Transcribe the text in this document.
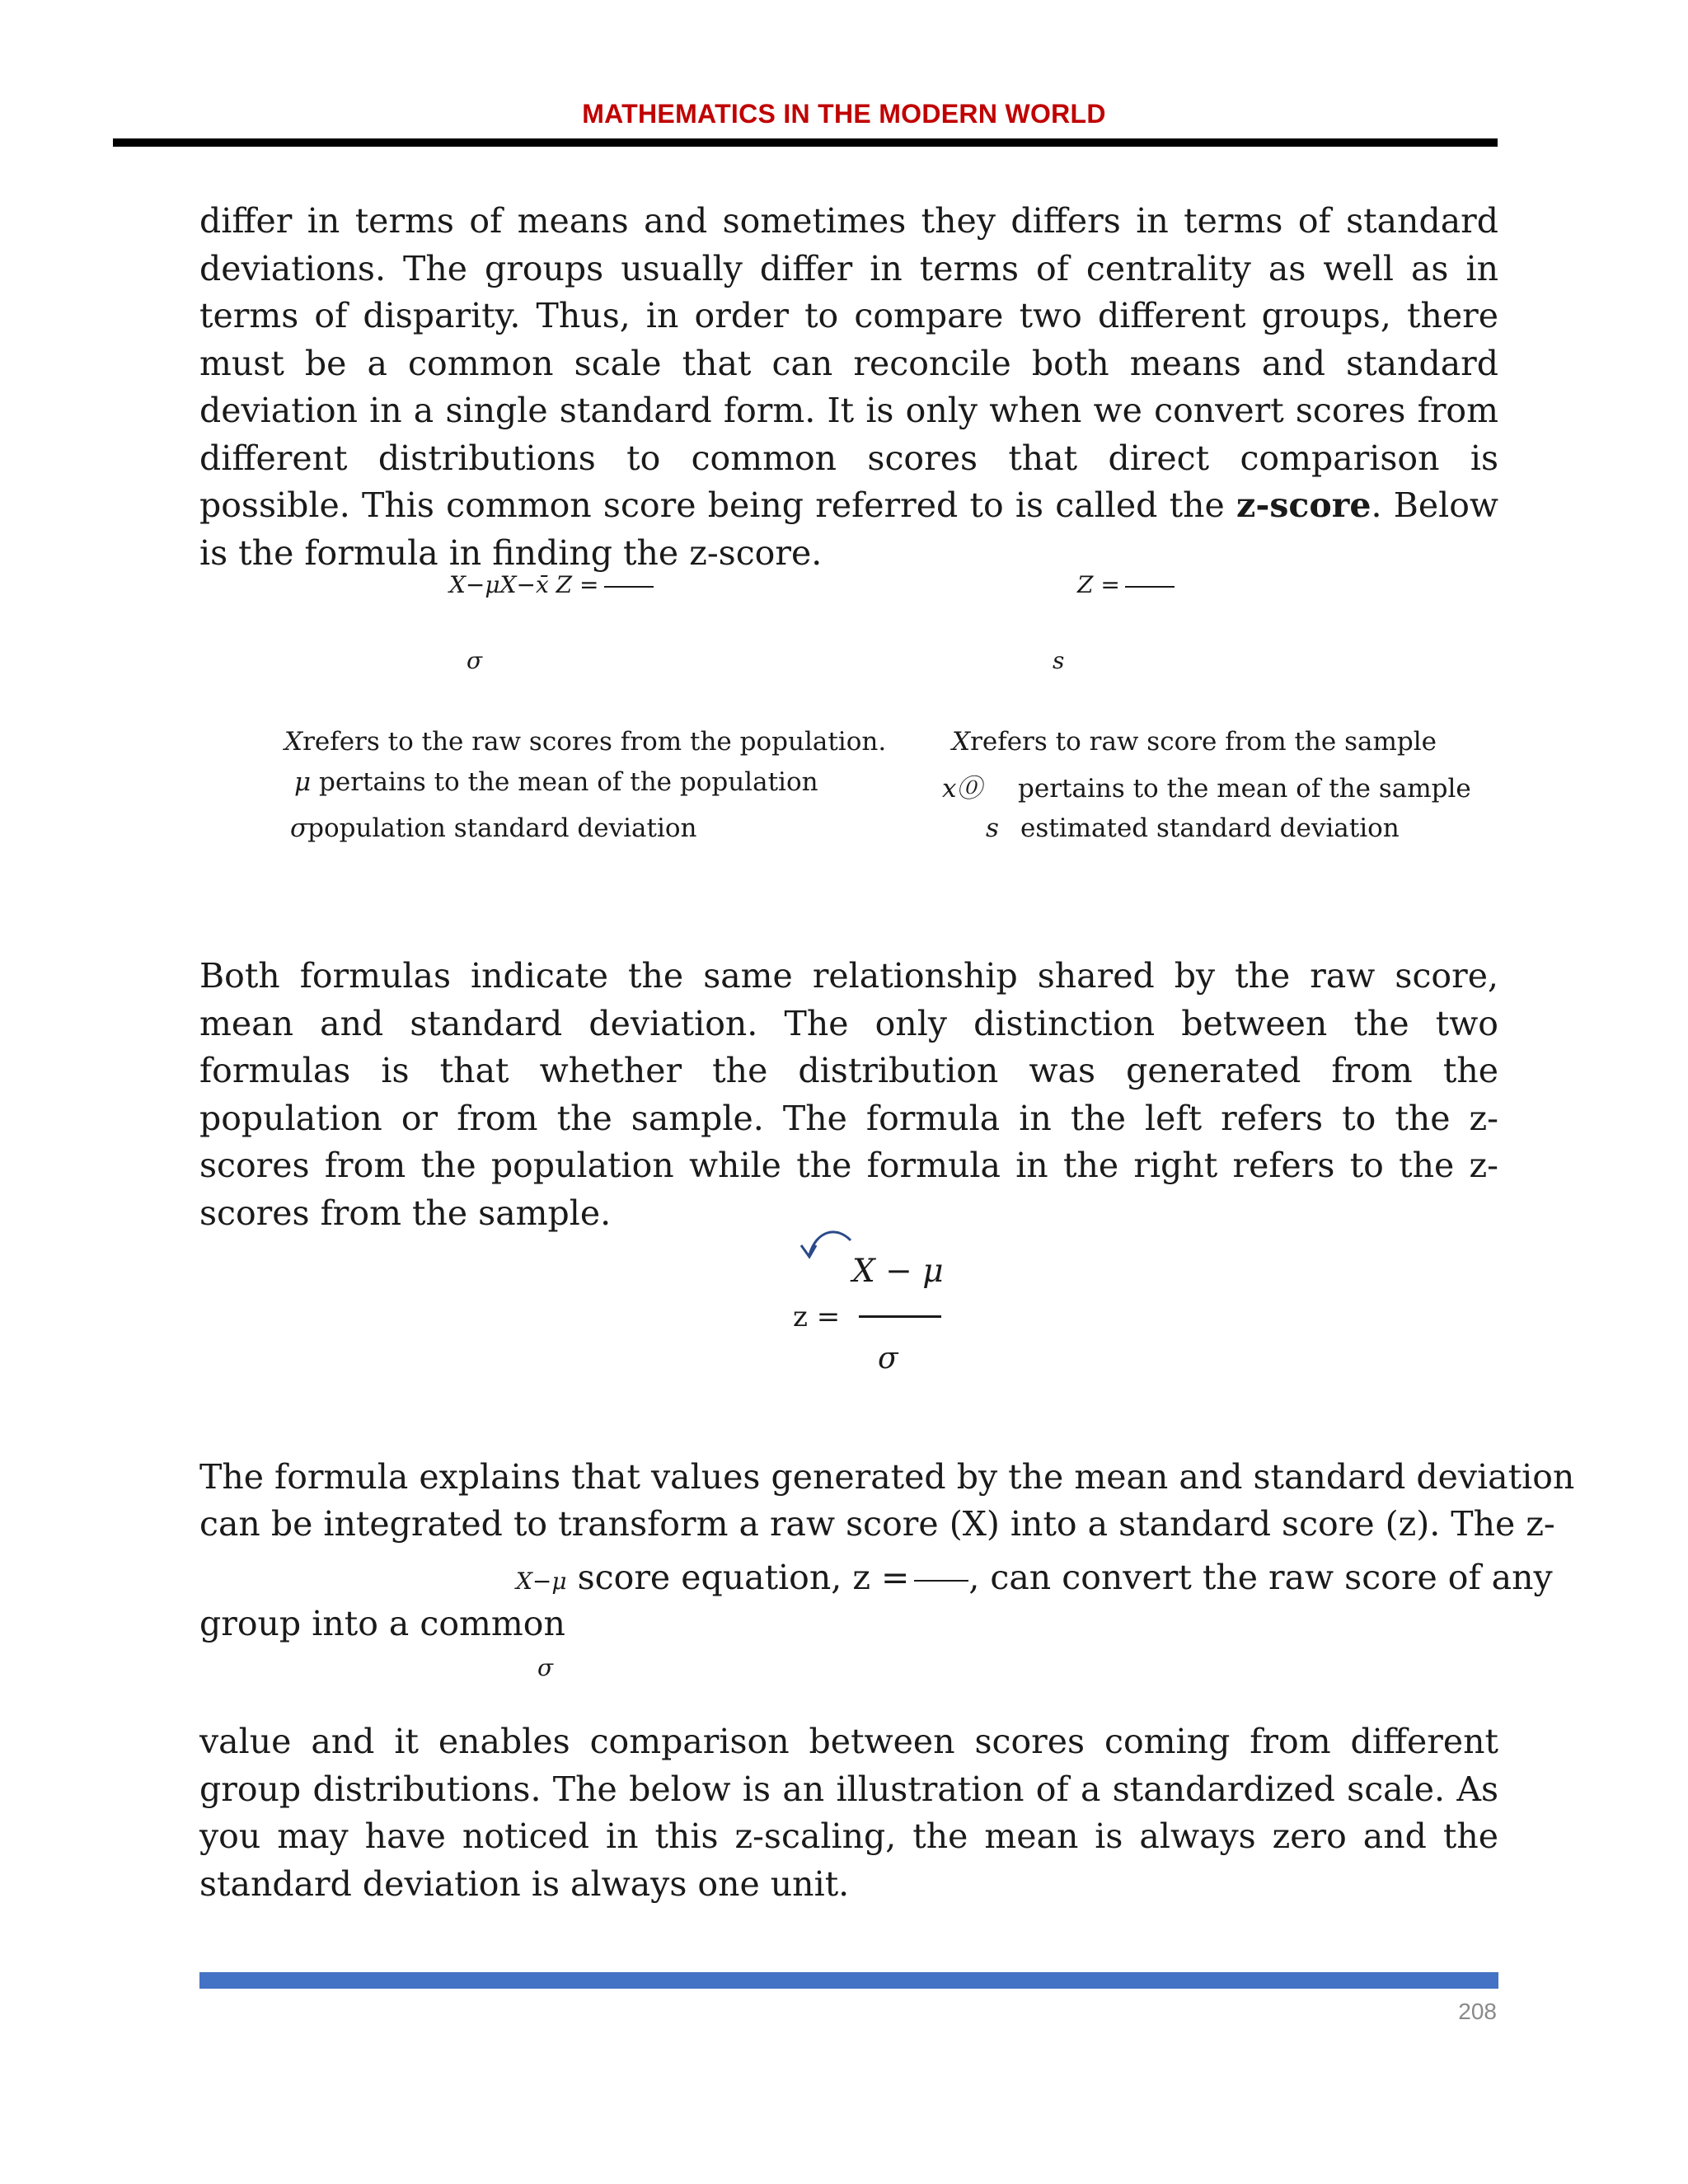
MATHEMATICS IN THE MODERN WORLD
differ in terms of means and sometimes they differs in terms of standard deviations. The groups usually differ in terms of centrality as well as in terms of disparity. Thus, in order to compare two different groups, there must be a common scale that can reconcile both means and standard deviation in a single standard form. It is only when we convert scores from different distributions to common scores that direct comparison is possible. This common score being referred to is called the z-score. Below is the formula in finding the z-score.
X−μX−x̄ Z =
σ
Z =
s
Xrefers to the raw scores from the population.
μ pertains to the mean of the population
σpopulation standard deviation
Xrefers to raw score from the sample
x⓪ pertains to the mean of the sample
s estimated standard deviation
Both formulas indicate the same relationship shared by the raw score, mean and standard deviation. The only distinction between the two formulas is that whether the distribution was generated from the population or from the sample. The formula in the left refers to the z-scores from the population while the formula in the right refers to the z-scores from the sample.
X − μ
z =
σ
The formula explains that values generated by the mean and standard deviation
can be integrated to transform a raw score (X) into a standard score (z). The z-
X−μ score equation, z = , can convert the raw score of any
group into a common
σ
value and it enables comparison between scores coming from different group distributions. The below is an illustration of a standardized scale. As you may have noticed in this z-scaling, the mean is always zero and the standard deviation is always one unit.
208
